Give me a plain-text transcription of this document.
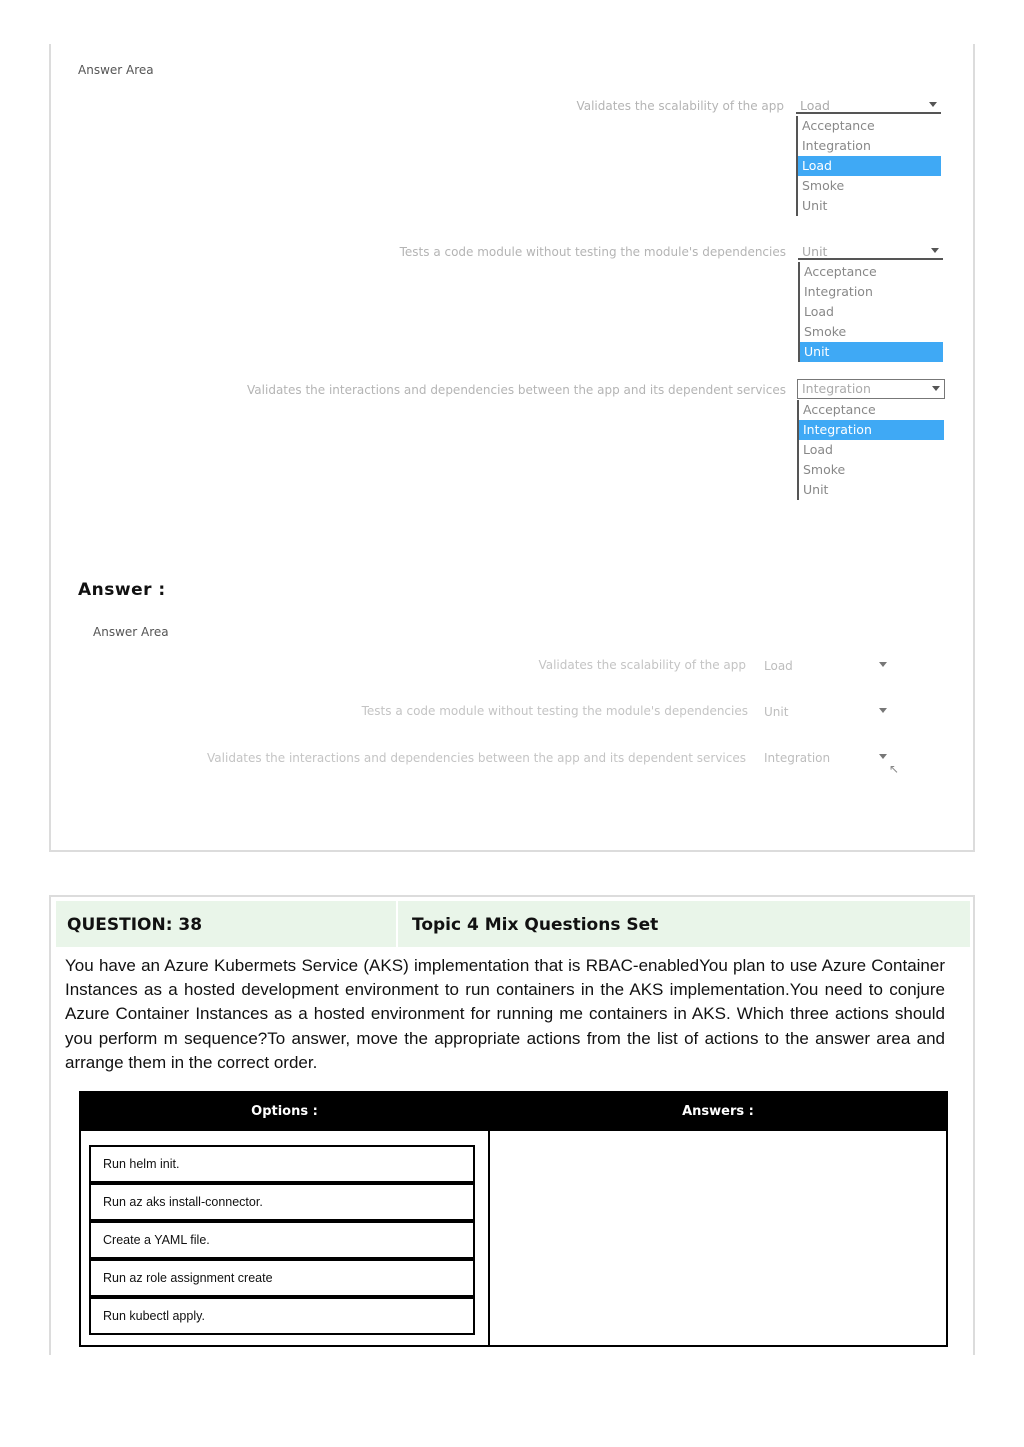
Answer Area
Validates the scalability of the app	Load
Acceptance
Integration
Load
Smoke
Unit
Tests a code module without testing the module's dependencies	Unit
Acceptance
Integration
Load
Smoke
Unit
Validates the interactions and dependencies between the app and its dependent services	Integration
Acceptance
Integration
Load
Smoke
Unit
Answer :
Answer Area
Validates the scalability of the app Load
Tests a code module without testing the module's dependencies Unit
Validates the interactions and dependencies between the app and its dependent services Integration
↖
QUESTION: 38	Topic 4 Mix Questions Set
You have an Azure Kubermets Service (AKS) implementation that is RBAC-enabledYou plan to use Azure Container Instances as a hosted development environment to run containers in the AKS implementation.You need to conjure Azure Container Instances as a hosted environment for running me containers in AKS. Which three actions should you perform m sequence?To answer, move the appropriate actions from the list of actions to the answer area and arrange them in the correct order.
Options :	Answers :
Run helm init.
Run az aks install-connector.
Create a YAML file.
Run az role assignment create
Run kubectl apply.
